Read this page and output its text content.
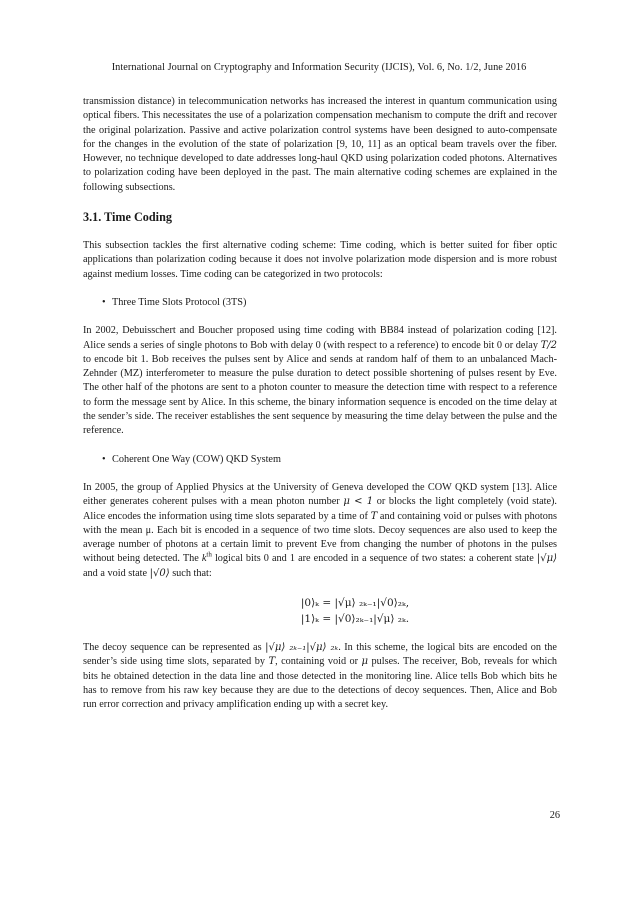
International Journal on Cryptography and Information Security (IJCIS), Vol. 6, No. 1/2, June 2016

transmission distance) in telecommunication networks has increased the interest in quantum communication using optical fibers. This necessitates the use of a polarization compensation mechanism to compute the drift and recover the original polarization. Passive and active polarization control systems have been designed to auto-compensate for the changes in the evolution of the state of polarization [9, 10, 11] as an optical beam travels over the fiber. However, no technique developed to date addresses long-haul QKD using polarization coded photons. Alternatives to polarization coding have been deployed in the past. The main alternative coding schemes are explained in the following subsections.

3.1. Time Coding

This subsection tackles the first alternative coding scheme: Time coding, which is better suited for fiber optic applications than polarization coding because it does not involve polarization mode dispersion and is more robust against medium losses. Time coding can be categorized in two protocols:

• Three Time Slots Protocol (3TS)

In 2002, Debuisschert and Boucher proposed using time coding with BB84 instead of polarization coding [12]. Alice sends a series of single photons to Bob with delay 0 (with respect to a reference) to encode bit 0 or delay T/2 to encode bit 1. Bob receives the pulses sent by Alice and sends at random half of them to an unbalanced Mach-Zehnder (MZ) interferometer to measure the pulse duration to detect possible shortening of pulses resent by Eve. The other half of the photons are sent to a photon counter to measure the detection time with respect to a reference to form the message sent by Alice. In this scheme, the binary information sequence is encoded on the time delay at the sender’s side. The receiver establishes the sent sequence by measuring the time delay between the pulse and the reference.

• Coherent One Way (COW) QKD System

In 2005, the group of Applied Physics at the University of Geneva developed the COW QKD system [13]. Alice either generates coherent pulses with a mean photon number μ < 1 or blocks the light completely (void state). Alice encodes the information using time slots separated by a time of T and containing void or pulses with photons with the mean μ. Each bit is encoded in a sequence of two time slots. Decoy sequences are also used to keep the average number of photons at a certain limit to prevent Eve from changing the number of photons in the pulses without being detected. The $k^{th}$ logical bits 0 and 1 are encoded in a sequence of two states: a coherent state |√μ⟩ and a void state |√0⟩ such that:

|0⟩ₖ = |√μ⟩ ₂ₖ₋₁|√0⟩₂ₖ,
|1⟩ₖ = |√0⟩₂ₖ₋₁|√μ⟩ ₂ₖ.

The decoy sequence can be represented as |√μ⟩ ₂ₖ₋₁|√μ⟩ ₂ₖ. In this scheme, the logical bits are encoded on the sender’s side using time slots, separated by T, containing void or μ pulses. The receiver, Bob, reveals for which bits he obtained detection in the data line and those detected in the monitoring line. Alice tells Bob which bits he has to remove from his raw key because they are due to the detections of decoy sequences. Then, Alice and Bob run error correction and privacy amplification ending up with a secret key.

26
